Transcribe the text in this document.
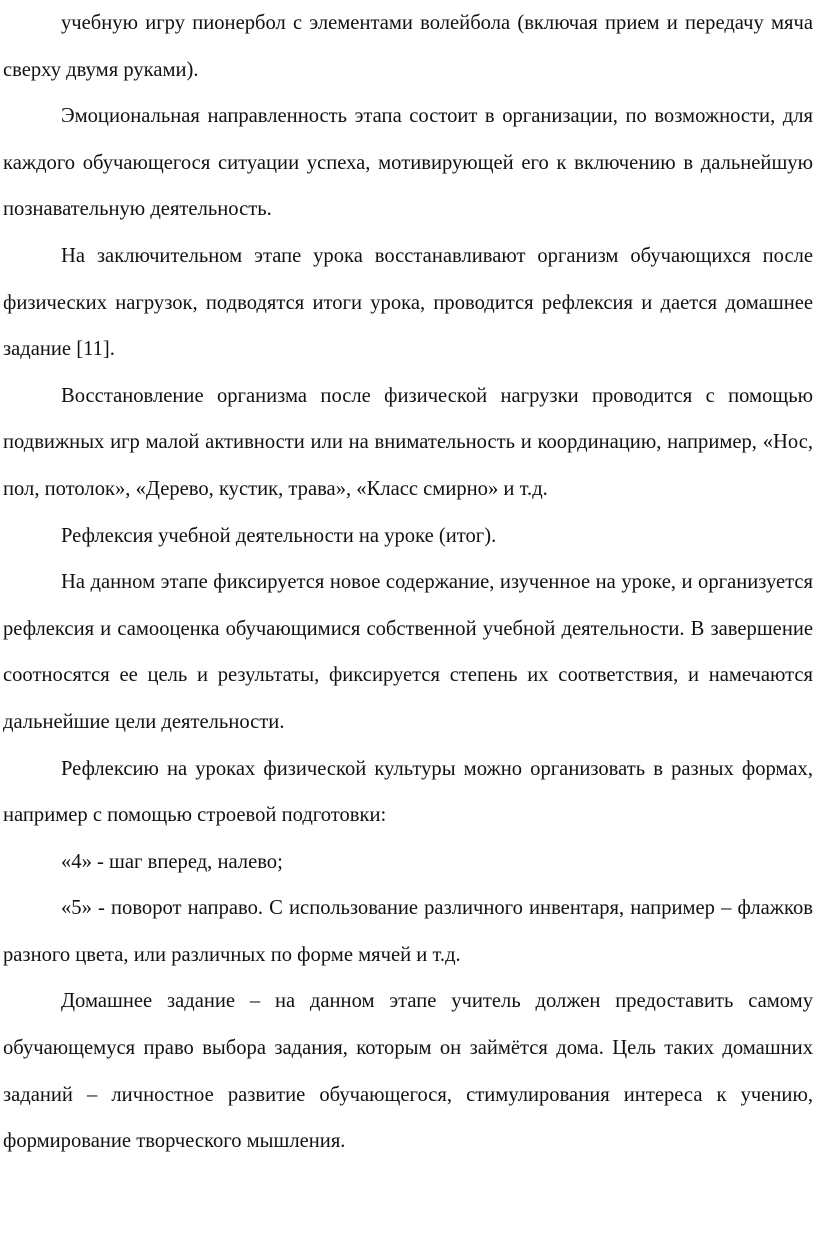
учебную игру пионербол с элементами волейбола (включая прием и передачу мяча сверху двумя руками).

Эмоциональная направленность этапа состоит в организации, по возможности, для каждого обучающегося ситуации успеха, мотивирующей его к включению в дальнейшую познавательную деятельность.

На заключительном этапе урока восстанавливают организм обучающихся после физических нагрузок, подводятся итоги урока, проводится рефлексия и дается домашнее задание [11].

Восстановление организма после физической нагрузки проводится с помощью подвижных игр малой активности или на внимательность и координацию, например, «Нос, пол, потолок», «Дерево, кустик, трава», «Класс смирно» и т.д.

Рефлексия учебной деятельности на уроке (итог).

На данном этапе фиксируется новое содержание, изученное на уроке, и организуется рефлексия и самооценка обучающимися собственной учебной деятельности. В завершение соотносятся ее цель и результаты, фиксируется степень их соответствия, и намечаются дальнейшие цели деятельности.

Рефлексию на уроках физической культуры можно организовать в разных формах, например с помощью строевой подготовки:

«4» - шаг вперед, налево;

«5» - поворот направо. С использование различного инвентаря, например – флажков разного цвета, или различных по форме мячей и т.д.

Домашнее задание – на данном этапе учитель должен предоставить самому обучающемуся право выбора задания, которым он займётся дома. Цель таких домашних заданий – личностное развитие обучающегося, стимулирования интереса к учению, формирование творческого мышления.
